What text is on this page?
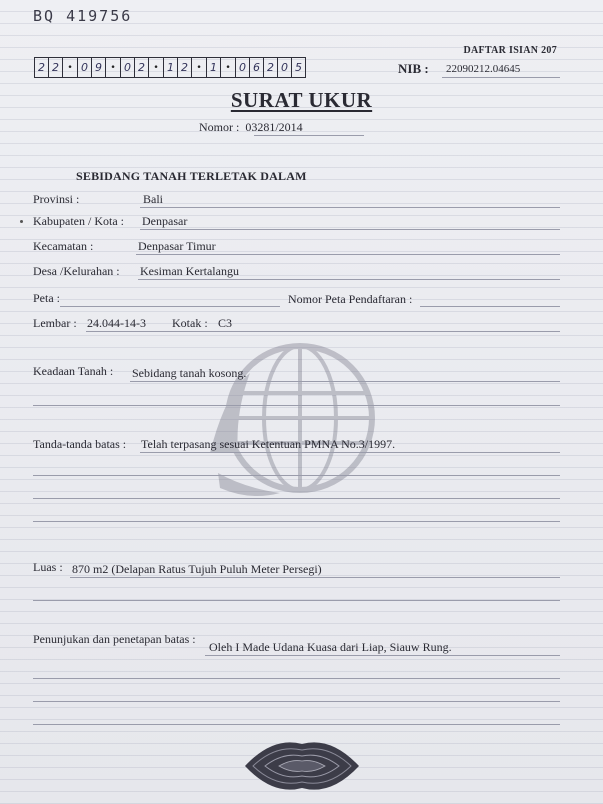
BQ 419756
DAFTAR ISIAN 207
2 2 • 0 9 • 0 2 • 1 2 • 1 • 0 6 2 0 5	NIB : 22090212.04645
SURAT UKUR
Nomor : 03281/2014
SEBIDANG TANAH TERLETAK DALAM
Provinsi :	Bali
Kabupaten / Kota : Denpasar
Kecamatan :	Denpasar Timur
Desa /Kelurahan : Kesiman Kertalangu
Peta :	Nomor Peta Pendaftaran :
Lembar : 24.044-14-3 Kotak : C3
Keadaan Tanah : Sebidang tanah kosong.
Tanda-tanda batas : Telah terpasang sesuai Ketentuan PMNA No.3/1997.
Luas : 870 m2 (Delapan Ratus Tujuh Puluh Meter Persegi)
Penunjukan dan penetapan batas :
Oleh I Made Udana Kuasa dari Liap, Siauw Rung.
